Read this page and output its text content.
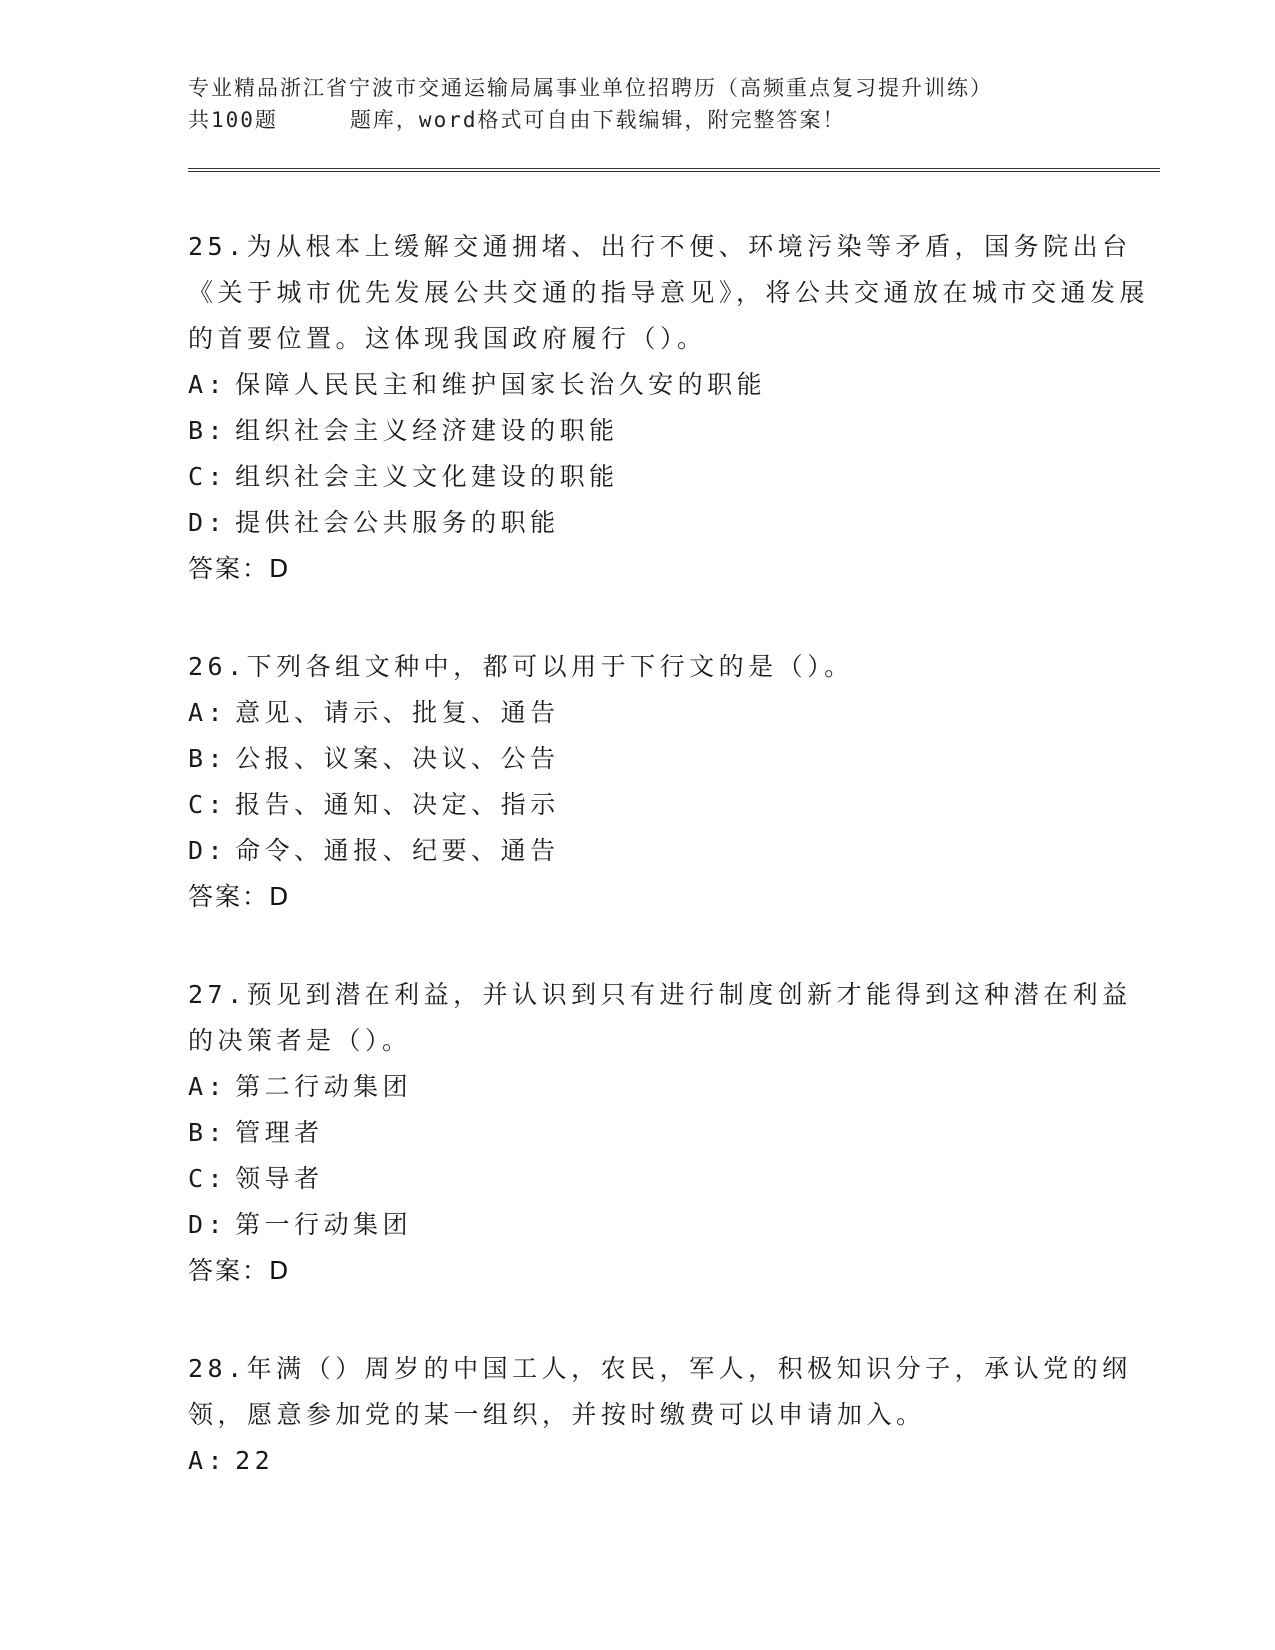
专业精品浙江省宁波市交通运输局属事业单位招聘历（高频重点复习提升训练）
共100题	题库，word格式可自由下载编辑，附完整答案！
25.为从根本上缓解交通拥堵、出行不便、环境污染等矛盾，国务院出台《关于城市优先发展公共交通的指导意见》，将公共交通放在城市交通发展的首要位置。这体现我国政府履行（）。
A: 保障人民民主和维护国家长治久安的职能
B: 组织社会主义经济建设的职能
C: 组织社会主义文化建设的职能
D: 提供社会公共服务的职能
答案：D
26.下列各组文种中，都可以用于下行文的是（）。
A: 意见、请示、批复、通告
B: 公报、议案、决议、公告
C: 报告、通知、决定、指示
D: 命令、通报、纪要、通告
答案：D
27.预见到潜在利益，并认识到只有进行制度创新才能得到这种潜在利益的决策者是（）。
A: 第二行动集团
B: 管理者
C: 领导者
D: 第一行动集团
答案：D
28.年满（）周岁的中国工人，农民，军人，积极知识分子，承认党的纲领，愿意参加党的某一组织，并按时缴费可以申请加入。
A: 22
